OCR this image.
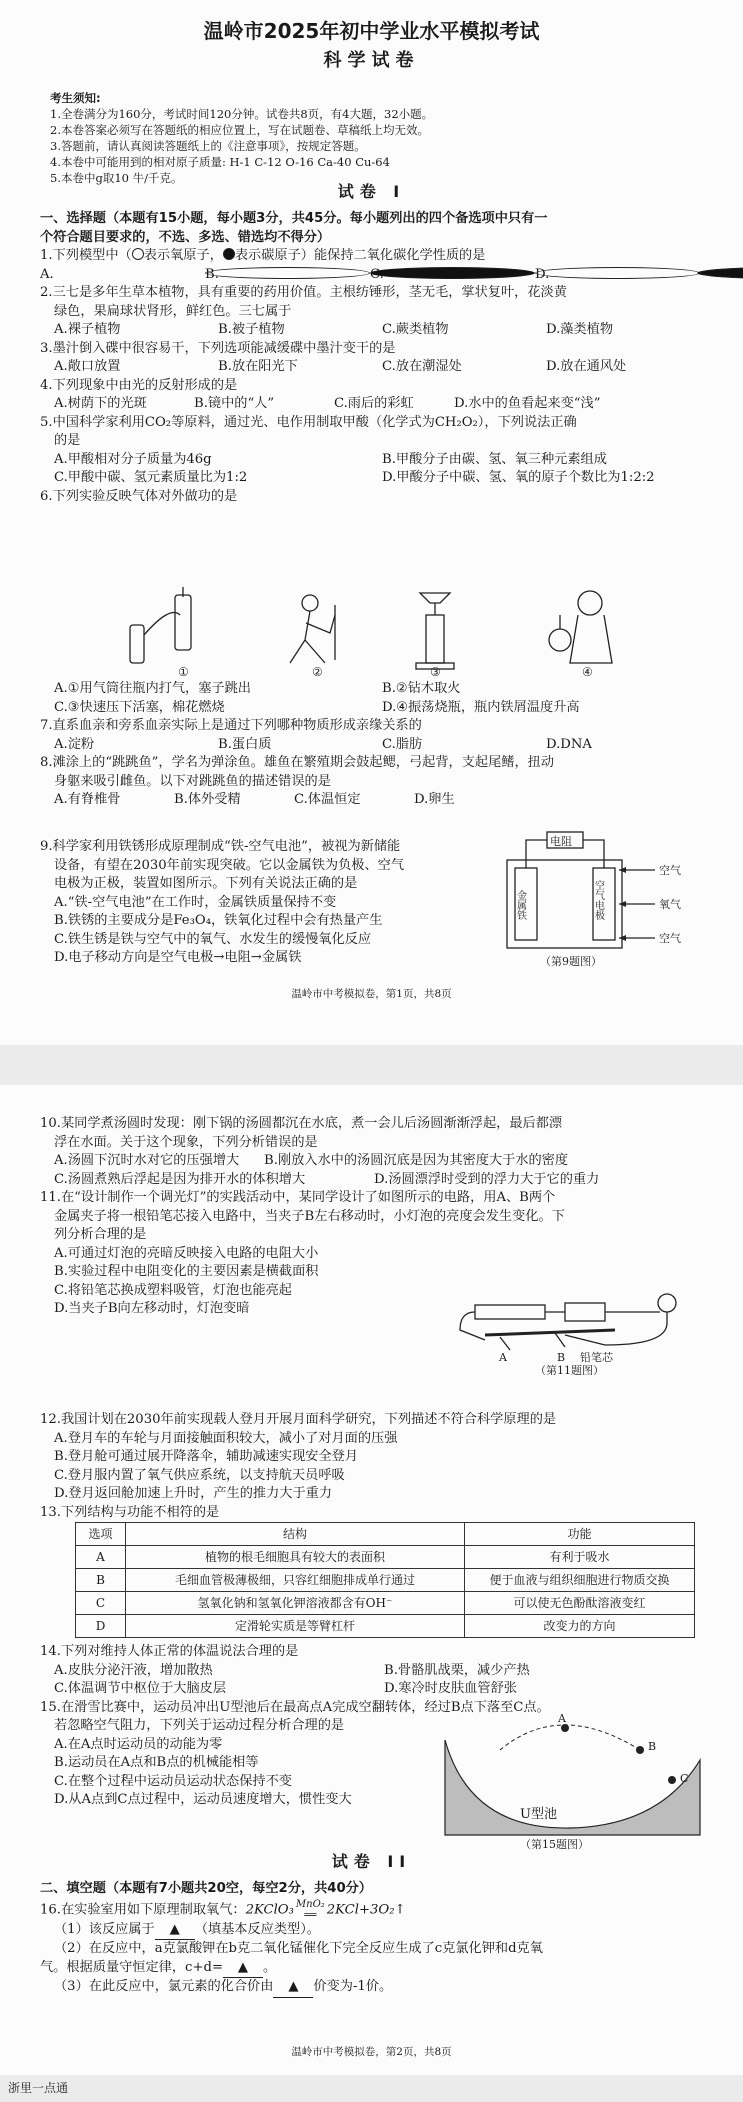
温岭市2025年初中学业水平模拟考试
科学试卷
考生须知:
1.全卷满分为160分，考试时间120分钟。试卷共8页，有4大题，32小题。
2.本卷答案必须写在答题纸的相应位置上，写在试题卷、草稿纸上均无效。
3.答题前，请认真阅读答题纸上的《注意事项》，按规定答题。
4.本卷中可能用到的相对原子质量: H-1 C-12 O-16 Ca-40 Cu-64
5.本卷中g取10 牛/千克。
试卷 I
一、选择题（本题有15小题，每小题3分，共45分。每小题列出的四个备选项中只有一
个符合题目要求的，不选、多选、错选均不得分）
1.下列模型中（ 表示氧原子， 表示碳原子）能保持二氧化碳化学性质的是
A.	B.	C.	D.
2.三七是多年生草本植物，具有重要的药用价值。主根纺锤形，茎无毛，掌状复叶，花淡黄
绿色，果扁球状肾形，鲜红色。三七属于
A.裸子植物	B.被子植物	C.蕨类植物	D.藻类植物
3.墨汁倒入碟中很容易干，下列选项能减缓碟中墨汁变干的是
A.敞口放置	B.放在阳光下	C.放在潮湿处	D.放在通风处
4.下列现象中由光的反射形成的是
A.树荫下的光斑	B.镜中的“人”	C.雨后的彩虹	D.水中的鱼看起来变“浅”
5.中国科学家利用CO₂等原料，通过光、电作用制取甲酸（化学式为CH₂O₂），下列说法正确
的是
A.甲酸相对分子质量为46g	B.甲酸分子由碳、氢、氧三种元素组成
C.甲酸中碳、氢元素质量比为1:2	D.甲酸分子中碳、氢、氧的原子个数比为1:2:2
6.下列实验反映气体对外做功的是
①	②	③	④
A.①用气筒往瓶内打气，塞子跳出	B.②钻木取火
C.③快速压下活塞，棉花燃烧	D.④振荡烧瓶，瓶内铁屑温度升高
7.直系血亲和旁系血亲实际上是通过下列哪种物质形成亲缘关系的
A.淀粉	B.蛋白质	C.脂肪	D.DNA
8.滩涂上的“跳跳鱼”，学名为弹涂鱼。雄鱼在繁殖期会鼓起鳃，弓起背，支起尾鳍，扭动
身躯来吸引雌鱼。以下对跳跳鱼的描述错误的是
A.有脊椎骨	B.体外受精	C.体温恒定	D.卵生
9.科学家利用铁锈形成原理制成“铁-空气电池”，被视为新储能
设备，有望在2030年前实现突破。它以金属铁为负极、空气
电极为正极，装置如图所示。下列有关说法正确的是
A.“铁-空气电池”在工作时，金属铁质量保持不变
B.铁锈的主要成分是Fe₃O₄，铁氧化过程中会有热量产生
C.铁生锈是铁与空气中的氧气、水发生的缓慢氧化反应
D.电子移动方向是空气电极→电阻→金属铁
电阻
金属铁	空气电极
空气
氧气
空气
（第9题图）
温岭市中考模拟卷，第1页，共8页
10.某同学煮汤圆时发现：刚下锅的汤圆都沉在水底，煮一会儿后汤圆渐渐浮起，最后都漂
浮在水面。关于这个现象，下列分析错误的是
A.汤圆下沉时水对它的压强增大	B.刚放入水中的汤圆沉底是因为其密度大于水的密度
C.汤圆煮熟后浮起是因为排开水的体积增大	D.汤圆漂浮时受到的浮力大于它的重力
11.在“设计制作一个调光灯”的实践活动中，某同学设计了如图所示的电路，用A、B两个
金属夹子将一根铅笔芯接入电路中，当夹子B左右移动时，小灯泡的亮度会发生变化。下
列分析合理的是
A.可通过灯泡的亮暗反映接入电路的电阻大小
B.实验过程中电阻变化的主要因素是横截面积
C.将铅笔芯换成塑料吸管，灯泡也能亮起
D.当夹子B向左移动时，灯泡变暗
A	B 铅笔芯
（第11题图）
12.我国计划在2030年前实现载人登月开展月面科学研究，下列描述不符合科学原理的是
A.登月车的车轮与月面接触面积较大，减小了对月面的压强
B.登月舱可通过展开降落伞，辅助减速实现安全登月
C.登月服内置了氧气供应系统，以支持航天员呼吸
D.登月返回舱加速上升时，产生的推力大于重力
13.下列结构与功能不相符的是
选项	结构	功能
A	植物的根毛细胞具有较大的表面积	有利于吸水
B	毛细血管极薄极细，只容红细胞排成单行通过	便于血液与组织细胞进行物质交换
C	氢氧化钠和氢氧化钾溶液都含有OH⁻	可以使无色酚酞溶液变红
D	定滑轮实质是等臂杠杆	改变力的方向
14.下列对维持人体正常的体温说法合理的是
A.皮肤分泌汗液，增加散热	B.骨骼肌战栗，减少产热
C.体温调节中枢位于大脑皮层	D.寒冷时皮肤血管舒张
15.在滑雪比赛中，运动员冲出U型池后在最高点A完成空翻转体，经过B点下落至C点。
若忽略空气阻力，下列关于运动过程分析合理的是
A.在A点时运动员的动能为零
B.运动员在A点和B点的机械能相等
C.在整个过程中运动员运动状态保持不变
D.从A点到C点过程中，运动员速度增大，惯性变大
A
B
C
U型池
（第15题图）
试卷 II
二、填空题（本题有7小题共20空，每空2分，共40分）
16.在实验室用如下原理制取氧气：2KClO₃ MnO₂
══ 2KCl+3O₂↑
（1）该反应属于 ▲ （填基本反应类型）。
（2）在反应中，a克氯酸钾在b克二氧化锰催化下完全反应生成了c克氯化钾和d克氧
气。根据质量守恒定律，c+d= ▲ 。
（3）在此反应中，氯元素的化合价由 ▲ 价变为-1价。
温岭市中考模拟卷，第2页，共8页
浙里一点通
